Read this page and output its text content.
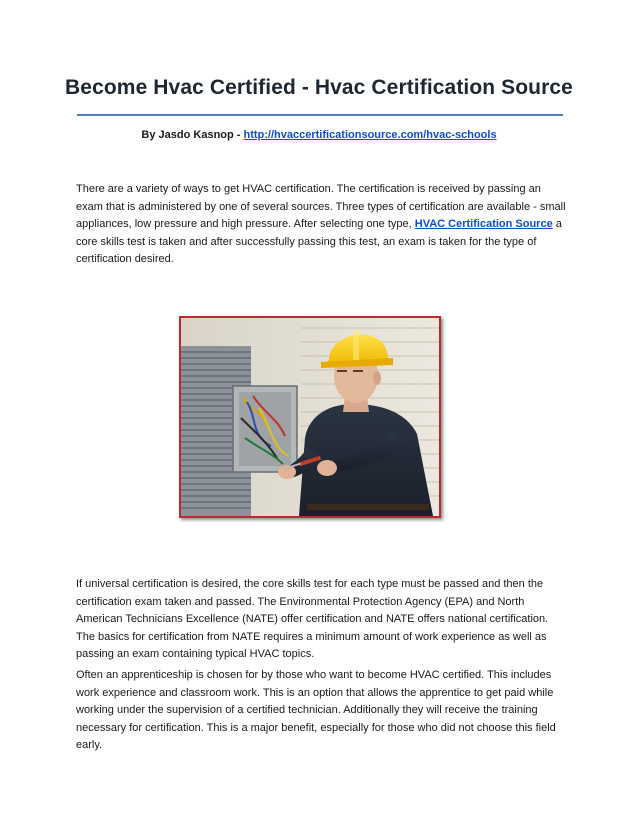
Become Hvac Certified - Hvac Certification Source
By Jasdo Kasnop - http://hvaccertificationsource.com/hvac-schools

There are a variety of ways to get HVAC certification. The certification is received by passing an exam that is administered by one of several sources. Three types of certification are available - small appliances, low pressure and high pressure. After selecting one type, HVAC Certification Source a core skills test is taken and after successfully passing this test, an exam is taken for the type of certification desired.

If universal certification is desired, the core skills test for each type must be passed and then the certification exam taken and passed. The Environmental Protection Agency (EPA) and North American Technicians Excellence (NATE) offer certification and NATE offers national certification. The basics for certification from NATE requires a minimum amount of work experience as well as passing an exam containing typical HVAC topics.

Often an apprenticeship is chosen for by those who want to become HVAC certified. This includes work experience and classroom work. This is an option that allows the apprentice to get paid while working under the supervision of a certified technician. Additionally they will receive the training necessary for certification. This is a major benefit, especially for those who did not choose this field early.
